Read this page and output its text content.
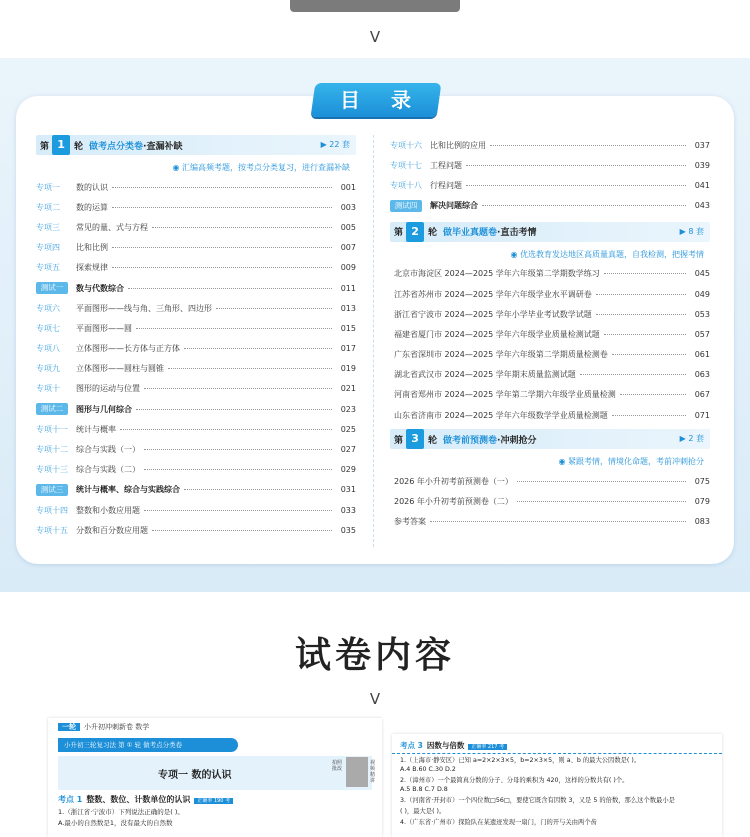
V
目 录
第 1	轮 做考点分类卷 ·查漏补缺	▶ 22 套
◉ 汇编高频考题，按考点分类复习，进行查漏补缺
专项一	数的认识	001
专项二	数的运算	003
专项三	常见的量、式与方程	005
专项四	比和比例	007
专项五	探索规律	009
测试一	数与代数综合	011
专项六	平面图形——线与角、三角形、四边形	013
专项七	平面图形——圆	015
专项八	立体图形——长方体与正方体	017
专项九	立体图形——圆柱与圆锥	019
专项十	图形的运动与位置	021
测试二	图形与几何综合	023
专项十一	统计与概率	025
专项十二	综合与实践（一）	027
专项十三	综合与实践（二）	029
测试三	统计与概率、综合与实践综合	031
专项十四	整数和小数应用题	033
专项十五	分数和百分数应用题	035
专项十六	比和比例的应用	037
专项十七	工程问题	039
专项十八	行程问题	041
测试四	解决问题综合	043
第 2	轮 做毕业真题卷 ·直击考情	▶ 8 套
◉ 优选教育发达地区高质量真题，自我检测，把握考情
北京市海淀区 2024—2025 学年六年级第二学期数学练习	045
江苏省苏州市 2024—2025 学年六年级学业水平调研卷	049
浙江省宁波市 2024—2025 学年小学毕业考试数学试题	053
福建省厦门市 2024—2025 学年六年级学业质量检测试题	057
广东省深圳市 2024—2025 学年六年级第二学期质量检测卷	061
湖北省武汉市 2024—2025 学年期末质量监测试题	063
河南省郑州市 2024—2025 学年第二学期六年级学业质量检测	067
山东省济南市 2024—2025 学年六年级数学学业质量检测题	071
第 3	轮 做考前预测卷 ·冲刺抢分	▶ 2 套
◉ 紧跟考情，情境化命题，考前冲刺抢分
2026 年小升初考前预测卷（一）	075
2026 年小升初考前预测卷（二）	079
参考答案	083
试卷内容
V
一轮 小升初冲刺新卷 数学
小升初三轮复习法 第 ① 轮 做考点分类卷
专项一 数的认识
拍照批改
视频精讲
考点 1 整数、数位、计数单位的认识 正确率 190 考
1.（浙江省·宁波市）下列说法正确的是( )。
A.最小的自然数是1，没有最大的自然数
考点 3 因数与倍数 正确率 217 考
1.（上海市·静安区）已知 a=2×2×3×5，b=2×3×5，则 a、b 的最大公因数是( )。
A.4 B.60 C.30 D.2
2.（漳州市）一个最简真分数的分子、分母的乘积为 420，这样的分数共有( )个。
A.5 B.8 C.7 D.8
3.（河南省·开封市）一个四位数□56□，要使它既含有因数 3，又是 5 的倍数，那么这个数最小是
( )，最大是( )。
4.（广东省·广州市）探险队在某遗迹发现一扇门，门的开与关由两个齿
